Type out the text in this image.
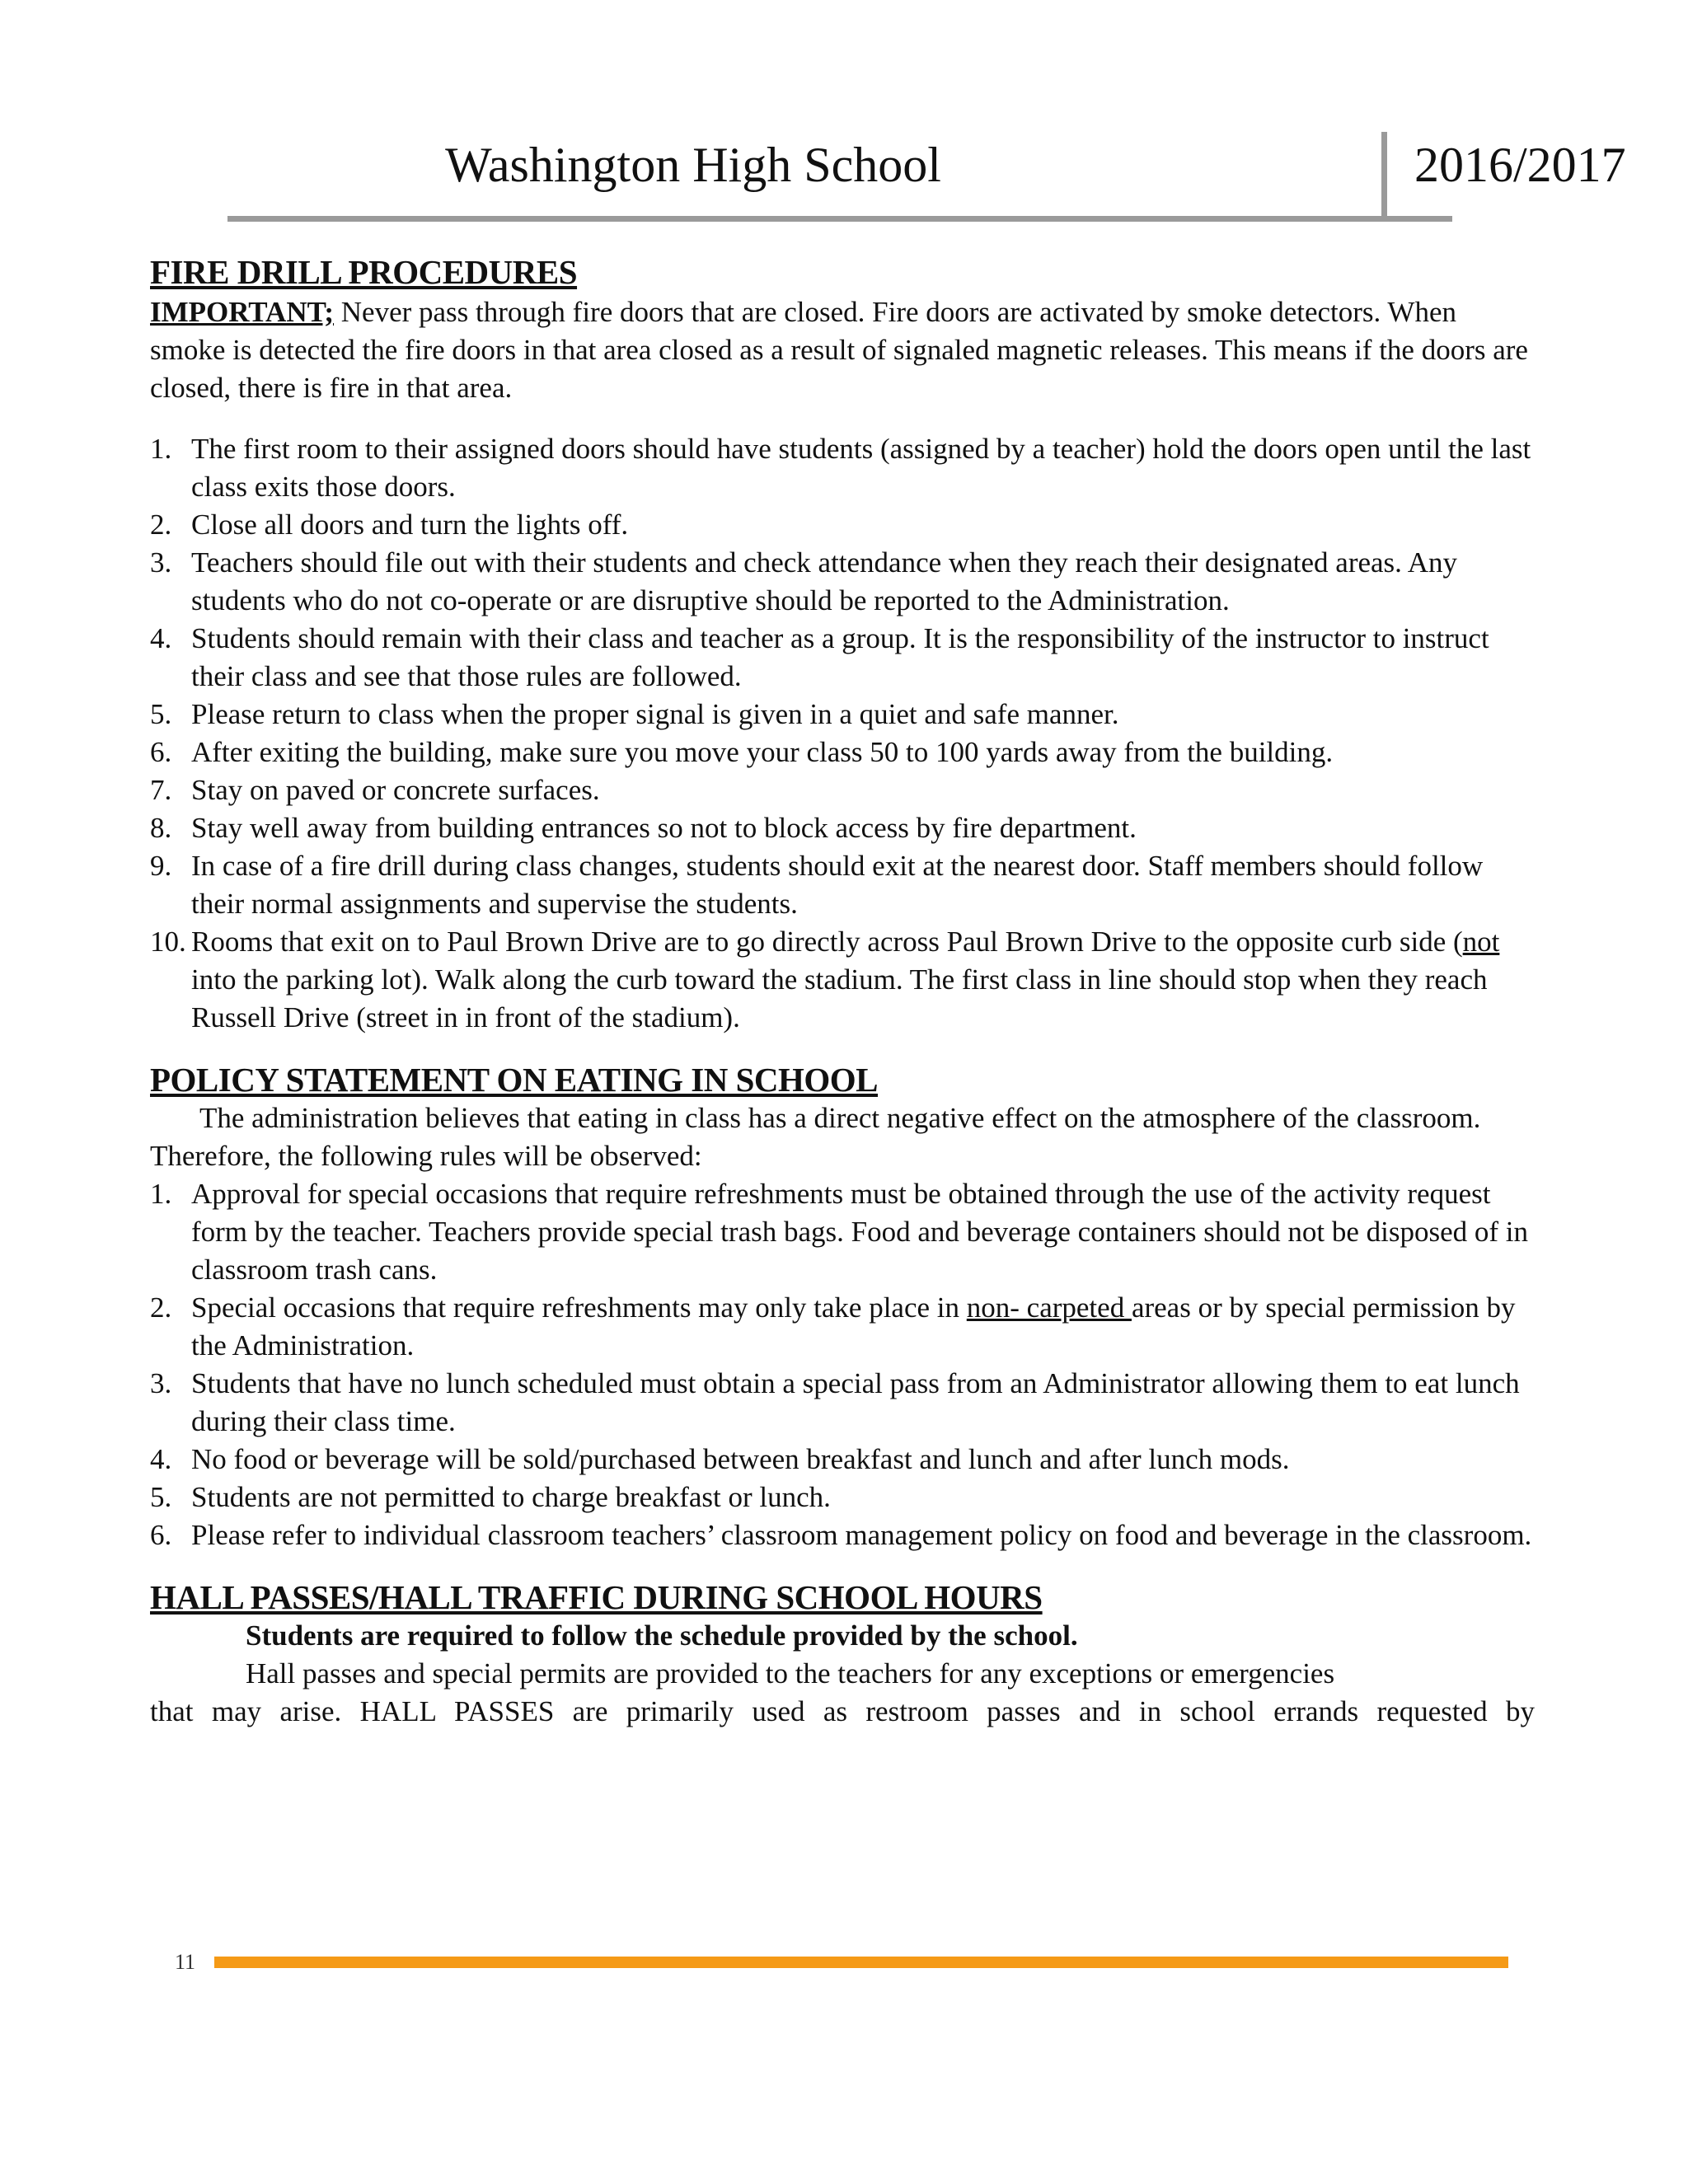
Washington High School	2016/2017
FIRE DRILL PROCEDURES

IMPORTANT; Never pass through fire doors that are closed. Fire doors are activated by smoke detectors. When smoke is detected the fire doors in that area closed as a result of signaled magnetic releases. This means if the doors are closed, there is fire in that area.

1. The first room to their assigned doors should have students (assigned by a teacher) hold the doors open until the last class exits those doors.
2. Close all doors and turn the lights off.
3. Teachers should file out with their students and check attendance when they reach their designated areas. Any students who do not co-operate or are disruptive should be reported to the Administration.
4. Students should remain with their class and teacher as a group. It is the responsibility of the instructor to instruct their class and see that those rules are followed.
5. Please return to class when the proper signal is given in a quiet and safe manner.
6. After exiting the building, make sure you move your class 50 to 100 yards away from the building.
7. Stay on paved or concrete surfaces.
8. Stay well away from building entrances so not to block access by fire department.
9. In case of a fire drill during class changes, students should exit at the nearest door. Staff members should follow their normal assignments and supervise the students.
10. Rooms that exit on to Paul Brown Drive are to go directly across Paul Brown Drive to the opposite curb side (not into the parking lot). Walk along the curb toward the stadium. The first class in line should stop when they reach Russell Drive (street in in front of the stadium).
POLICY STATEMENT ON EATING IN SCHOOL

The administration believes that eating in class has a direct negative effect on the atmosphere of the classroom. Therefore, the following rules will be observed:

1. Approval for special occasions that require refreshments must be obtained through the use of the activity request form by the teacher. Teachers provide special trash bags. Food and beverage containers should not be disposed of in classroom trash cans.
2. Special occasions that require refreshments may only take place in non- carpeted areas or by special permission by the Administration.
3. Students that have no lunch scheduled must obtain a special pass from an Administrator allowing them to eat lunch during their class time.
4. No food or beverage will be sold/purchased between breakfast and lunch and after lunch mods.
5. Students are not permitted to charge breakfast or lunch.
6. Please refer to individual classroom teachers’ classroom management policy on food and beverage in the classroom.
HALL PASSES/HALL TRAFFIC DURING SCHOOL HOURS

Students are required to follow the schedule provided by the school.

Hall passes and special permits are provided to the teachers for any exceptions or emergencies

that may arise. HALL PASSES are primarily used as restroom passes and in school errands requested by

11
